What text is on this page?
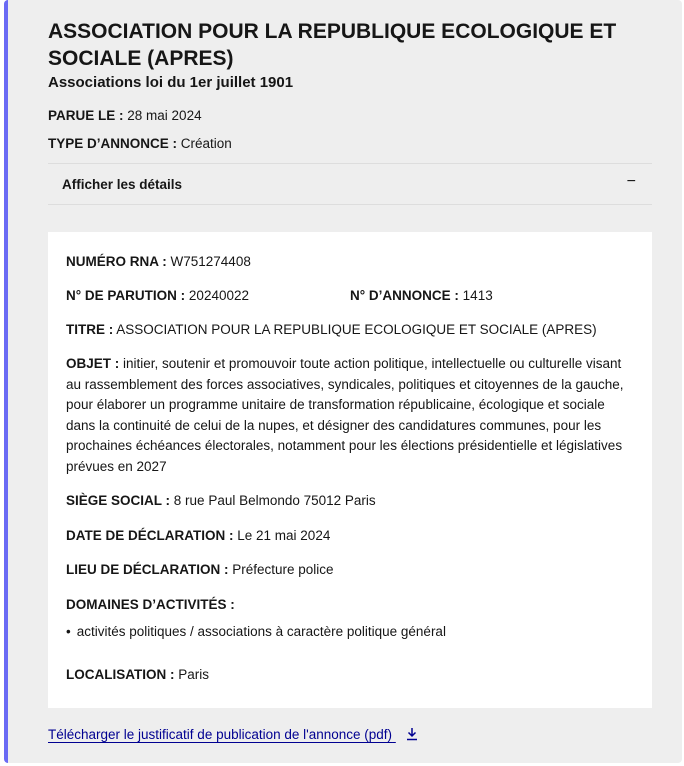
ASSOCIATION POUR LA REPUBLIQUE ECOLOGIQUE ET SOCIALE (APRES)

Associations loi du 1er juillet 1901

PARUE LE : 28 mai 2024

TYPE D’ANNONCE : Création

Afficher les détails	−

NUMÉRO RNA : W751274408

N° DE PARUTION : 20240022	N° D’ANNONCE : 1413

TITRE : ASSOCIATION POUR LA REPUBLIQUE ECOLOGIQUE ET SOCIALE (APRES)

OBJET : initier, soutenir et promouvoir toute action politique, intellectuelle ou culturelle visant au rassemblement des forces associatives, syndicales, politiques et citoyennes de la gauche, pour élaborer un programme unitaire de transformation républicaine, écologique et sociale dans la continuité de celui de la nupes, et désigner des candidatures communes, pour les prochaines échéances électorales, notamment pour les élections présidentielle et législatives prévues en 2027

SIÈGE SOCIAL : 8 rue Paul Belmondo 75012 Paris

DATE DE DÉCLARATION : Le 21 mai 2024

LIEU DE DÉCLARATION : Préfecture police

DOMAINES D’ACTIVITÉS :

• activités politiques / associations à caractère politique général

LOCALISATION : Paris

Télécharger le justificatif de publication de l'annonce (pdf)
